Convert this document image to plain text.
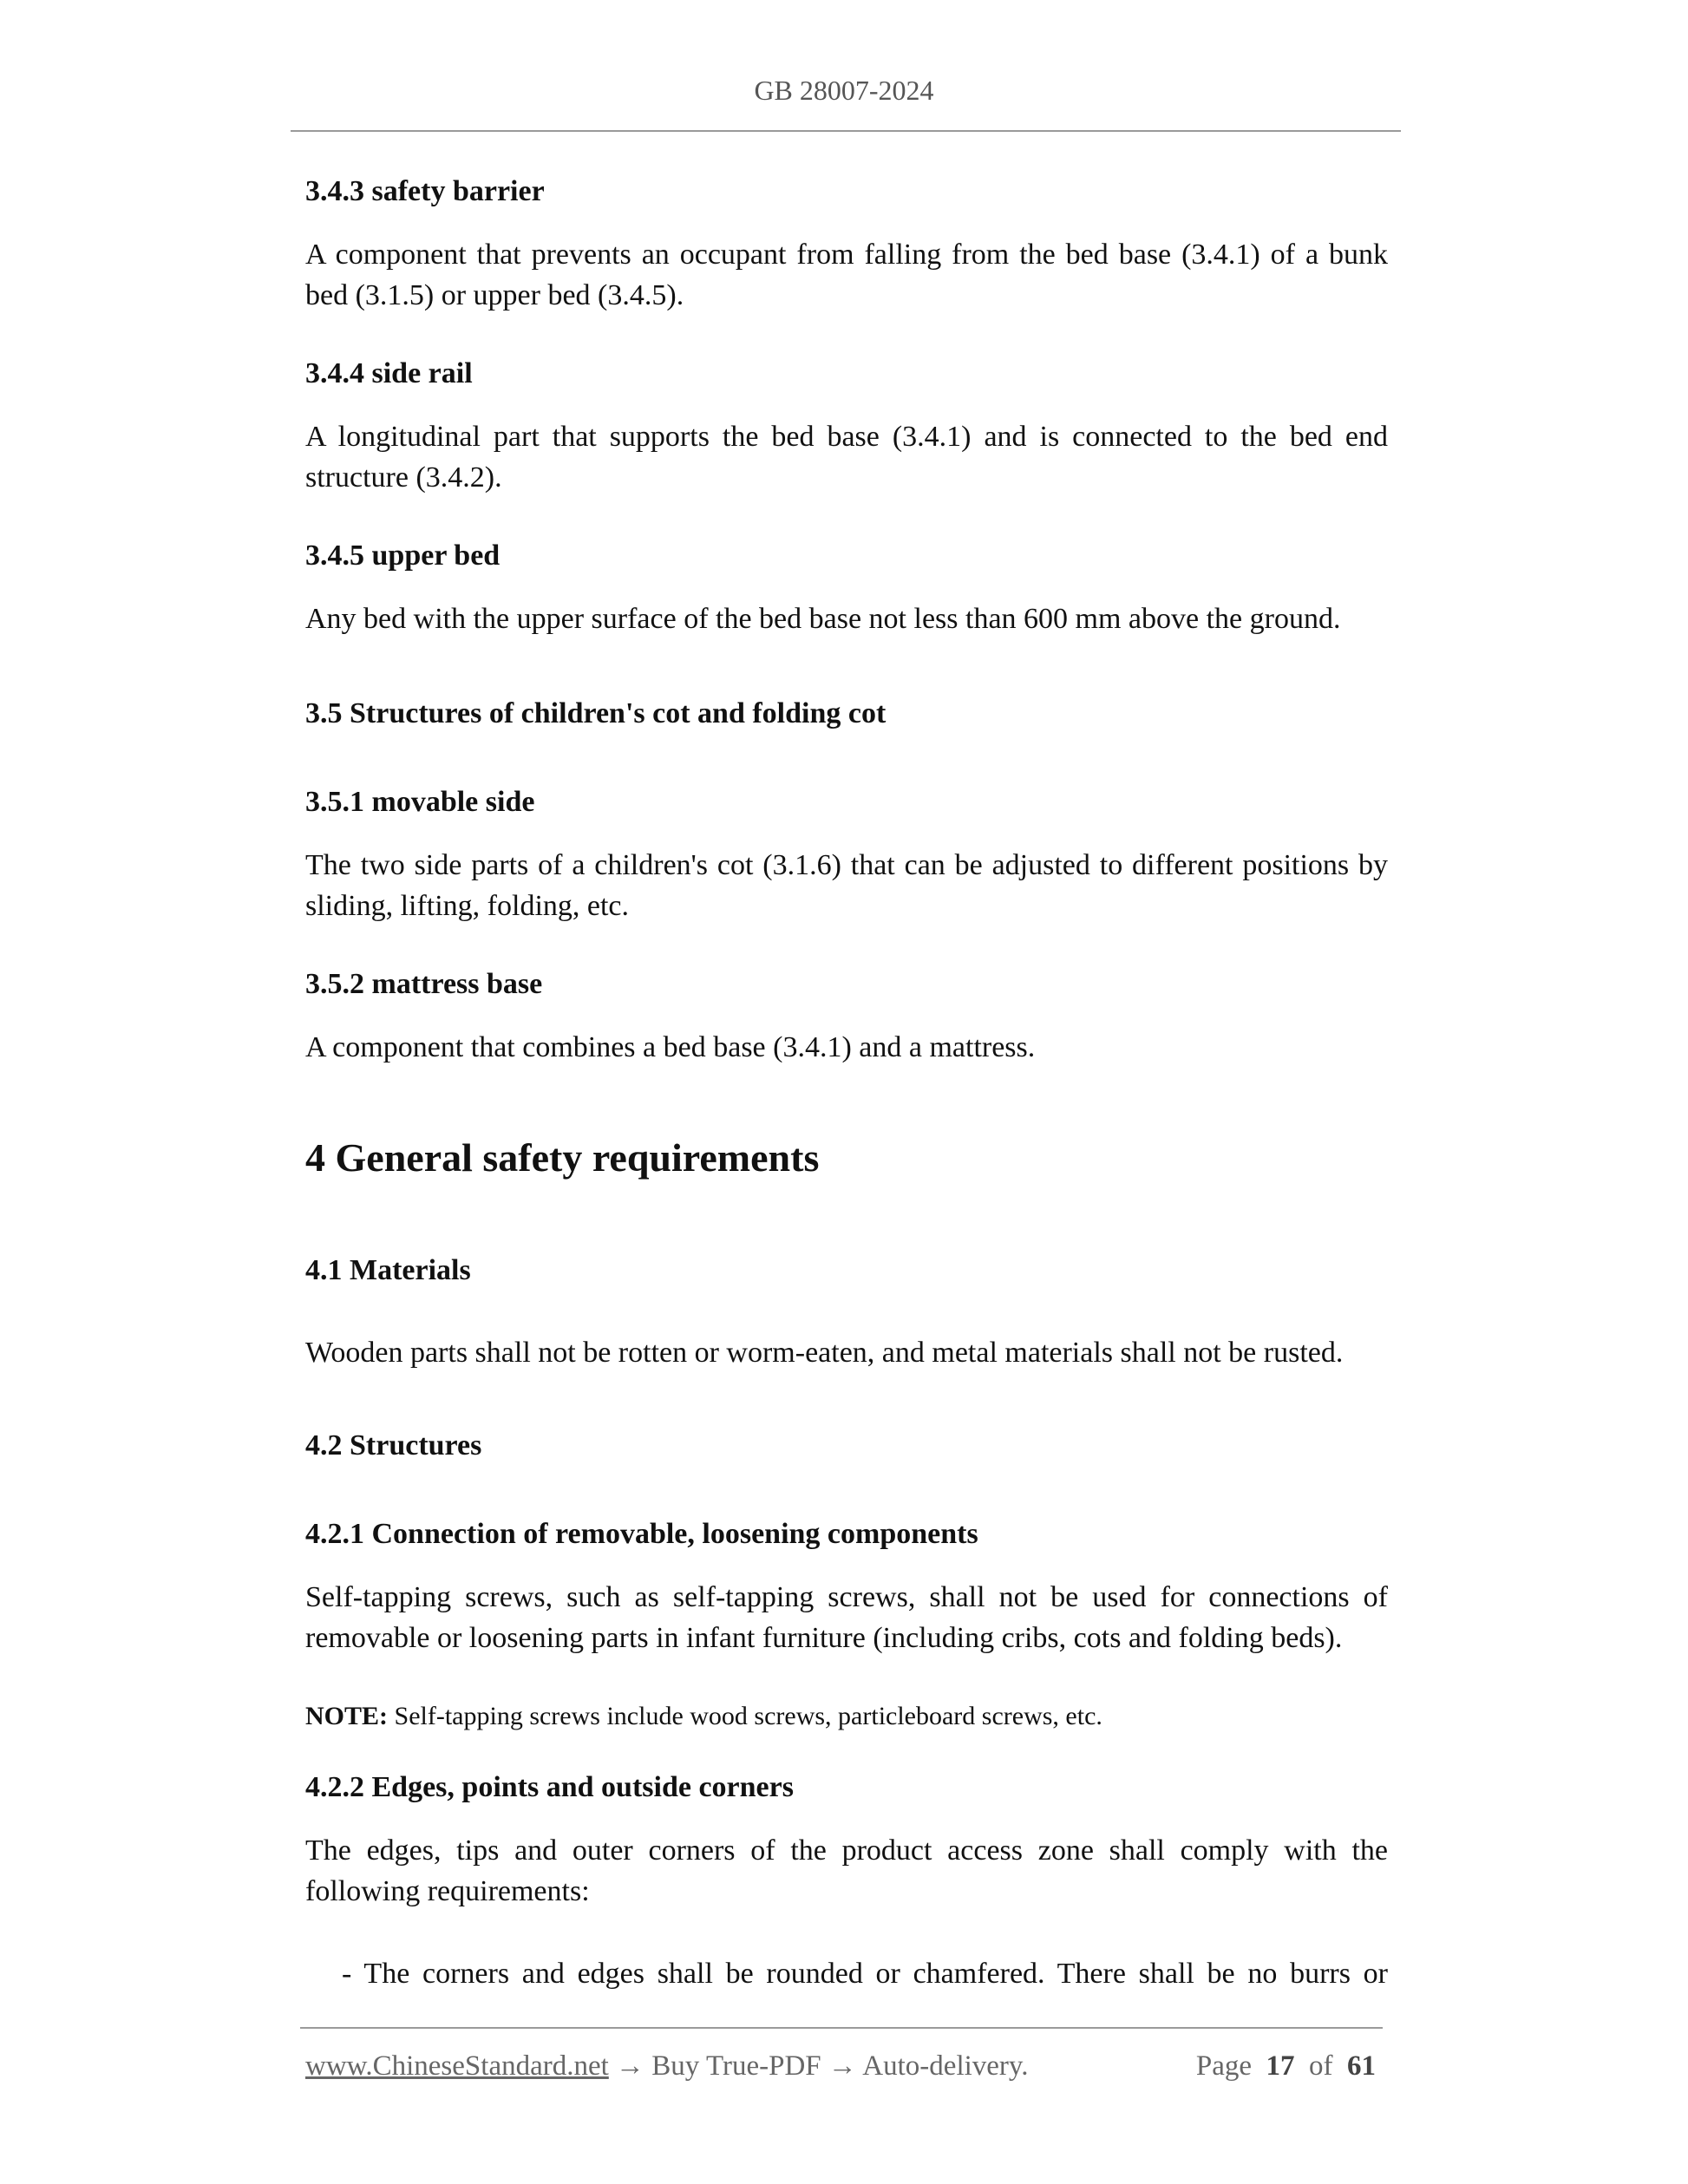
GB 28007-2024
3.4.3 safety barrier
A component that prevents an occupant from falling from the bed base (3.4.1) of a bunk bed (3.1.5) or upper bed (3.4.5).
3.4.4 side rail
A longitudinal part that supports the bed base (3.4.1) and is connected to the bed end structure (3.4.2).
3.4.5 upper bed
Any bed with the upper surface of the bed base not less than 600 mm above the ground.
3.5 Structures of children's cot and folding cot
3.5.1 movable side
The two side parts of a children's cot (3.1.6) that can be adjusted to different positions by sliding, lifting, folding, etc.
3.5.2 mattress base
A component that combines a bed base (3.4.1) and a mattress.
4 General safety requirements
4.1 Materials
Wooden parts shall not be rotten or worm-eaten, and metal materials shall not be rusted.
4.2 Structures
4.2.1 Connection of removable, loosening components
Self-tapping screws, such as self-tapping screws, shall not be used for connections of removable or loosening parts in infant furniture (including cribs, cots and folding beds).
NOTE: Self-tapping screws include wood screws, particleboard screws, etc.
4.2.2 Edges, points and outside corners
The edges, tips and outer corners of the product access zone shall comply with the following requirements:
- The corners and edges shall be rounded or chamfered. There shall be no burrs or
www.ChineseStandard.net → Buy True-PDF → Auto-delivery.	Page 17 of 61
